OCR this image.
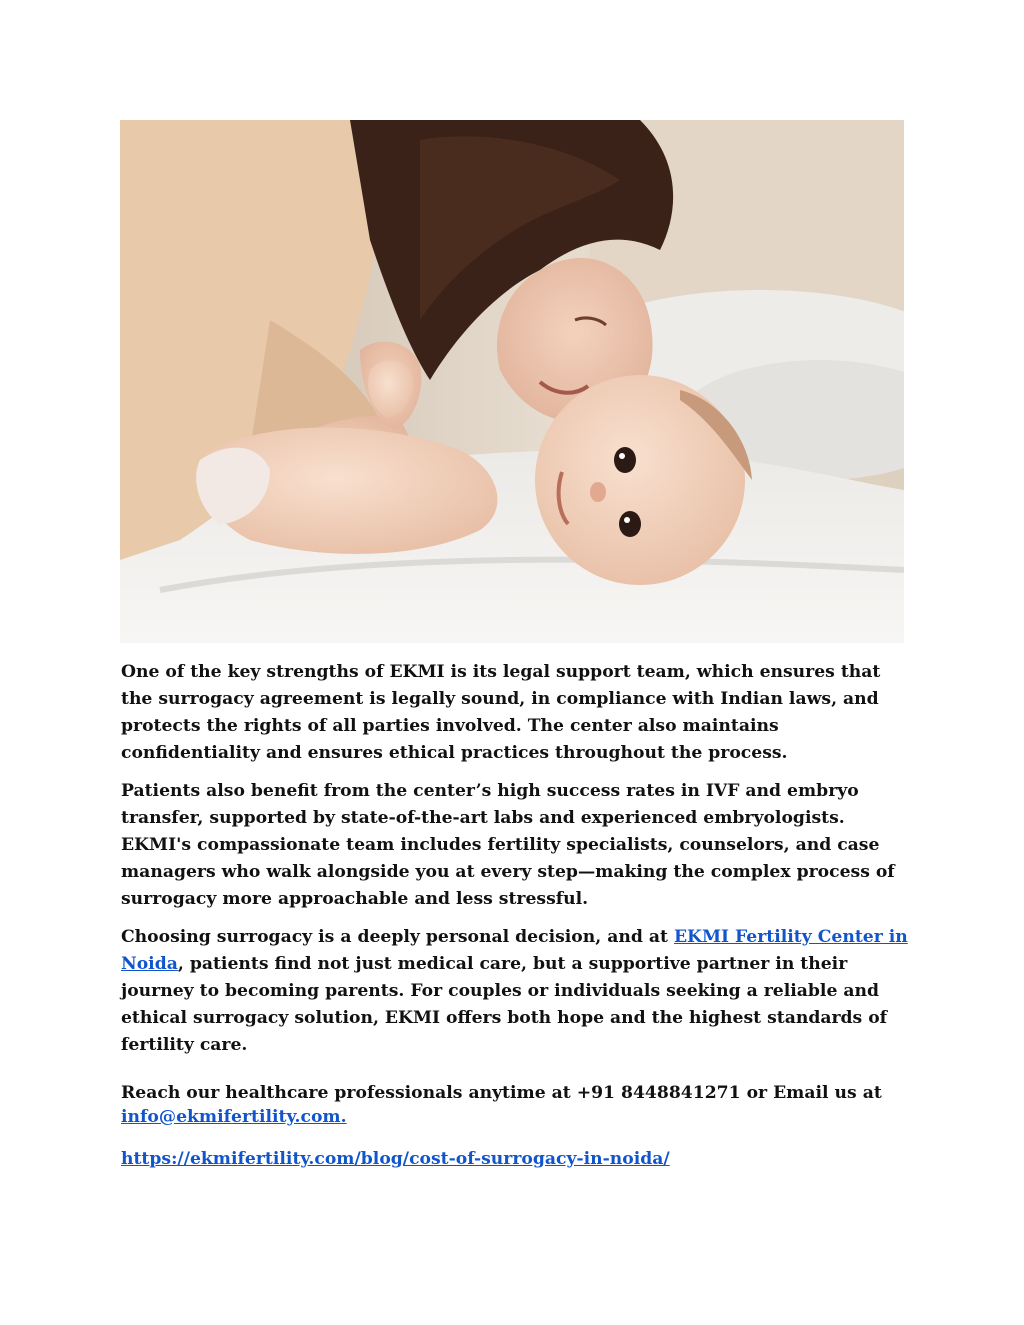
One of the key strengths of EKMI is its legal support team, which ensures that the surrogacy agreement is legally sound, in compliance with Indian laws, and protects the rights of all parties involved. The center also maintains confidentiality and ensures ethical practices throughout the process.

Patients also benefit from the center’s high success rates in IVF and embryo transfer, supported by state-of-the-art labs and experienced embryologists. EKMI's compassionate team includes fertility specialists, counselors, and case managers who walk alongside you at every step—making the complex process of surrogacy more approachable and less stressful.

Choosing surrogacy is a deeply personal decision, and at EKMI Fertility Center in Noida, patients find not just medical care, but a supportive partner in their journey to becoming parents. For couples or individuals seeking a reliable and ethical surrogacy solution, EKMI offers both hope and the highest standards of fertility care.

Reach our healthcare professionals anytime at +91 8448841271 or Email us at info@ekmifertility.com.

https://ekmifertility.com/blog/cost-of-surrogacy-in-noida/
